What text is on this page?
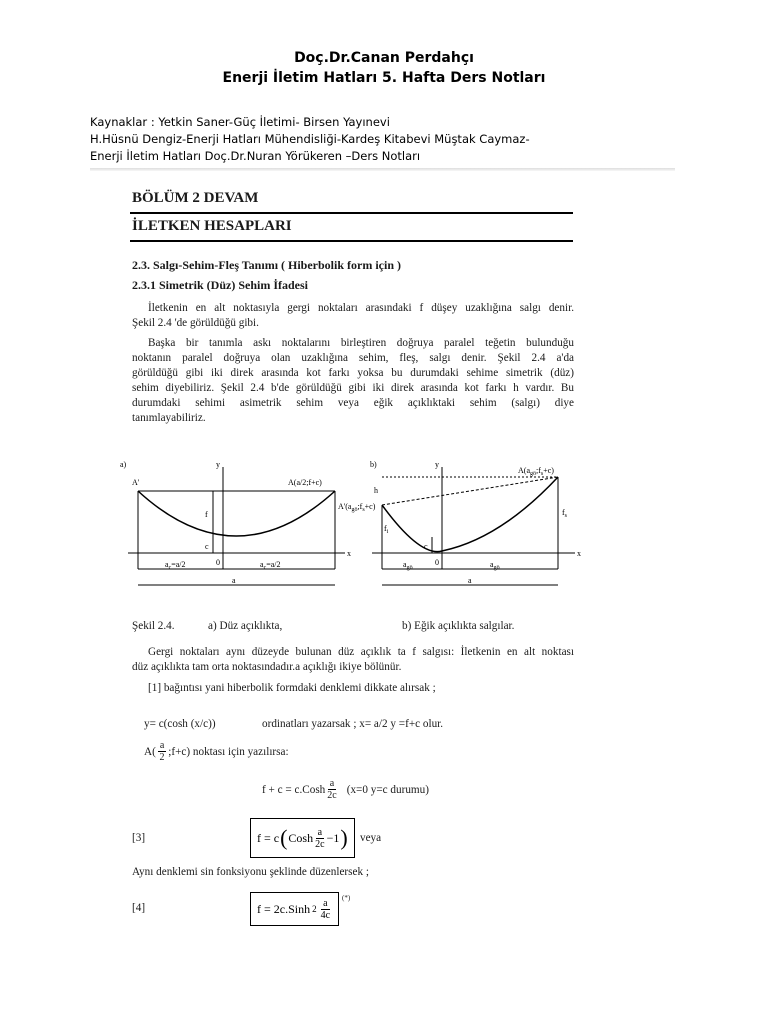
Doç.Dr.Canan Perdahçı
Enerji İletim Hatları 5. Hafta Ders Notları
Kaynaklar : Yetkin Saner-Güç İletimi- Birsen Yayınevi
H.Hüsnü Dengiz-Enerji Hatları Mühendisliği-Kardeş Kitabevi Müştak Caymaz-
Enerji İletim Hatları Doç.Dr.Nuran Yörükeren –Ders Notları
BÖLÜM 2 DEVAM
İLETKEN HESAPLARI
2.3. Salgı-Sehim-Fleş Tanımı ( Hiberbolik form için )
2.3.1 Simetrik (Düz) Sehim İfadesi
İletkenin en alt noktasıyla gergi noktaları arasındaki f düşey uzaklığına salgı denir.
Şekil 2.4 'de görüldüğü gibi.
Başka bir tanımla askı noktalarını birleştiren doğruya paralel teğetin bulunduğu
noktanın paralel doğruya olan uzaklığına sehim, fleş, salgı denir. Şekil 2.4 a'da
görüldüğü gibi iki direk arasında kot farkı yoksa bu durumdaki sehime simetrik (düz)
sehim diyebiliriz. Şekil 2.4 b'de görüldüğü gibi iki direk arasında kot farkı h vardır. Bu
durumdaki sehimi asimetrik sehim veya eğik açıklıktaki sehim (salgı) diye
tanımlayabiliriz.
a)
A'	A(a/2;f+c)
y
x
f
c
0
$a_c=a/2$	$a_c=a/2$
a
b)
$A(a_{gö};f_s+c)$
$A'(a_{gö};f_s+c)$
y
x
h
$f_i$
$f_s$
c
0
$a_{gö}$	$a_{gö}$
a
Şekil 2.4.	a) Düz açıklıkta,	b) Eğik açıklıkta salgılar.
Gergi noktaları aynı düzeyde bulunan düz açıklık ta f salgısı: İletkenin en alt noktası
düz açıklıkta tam orta noktasındadır.a açıklığı ikiye bölünür.
[1] bağıntısı yani hiberbolik formdaki denklemi dikkate alırsak ;
y= c(cosh (x/c))	ordinatları yazarsak ; x= a/2 y =f+c olur.
$A( \frac{a}{2}$ ;f+c) noktası için yazılırsa:
f + c = c.Cosh $\frac{a}{2c} (x=0$ y=c durumu)
[3]	f = c ( Cosh $\frac{a}{2c} -1$ ) veya
Aynı denklemi sin fonksiyonu şeklinde düzenlersek ;
[4]	f = 2c.Sinh $2 \frac{a}{4c}$ (*)
